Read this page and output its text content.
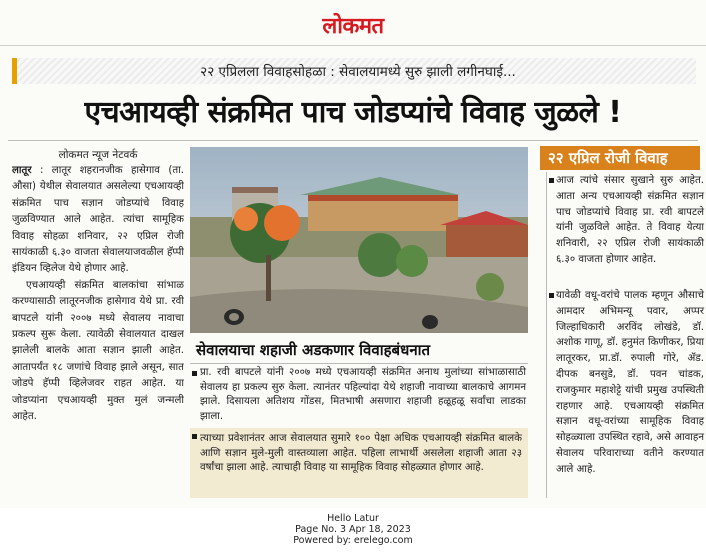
लोकमत
२२ एप्रिलला विवाहसोहळा : सेवालयामध्ये सुरु झाली लगीनघाई...
एचआयव्ही संक्रमित पाच जोडप्यांचे विवाह जुळले !
लोकमत न्यूज नेटवर्क

लातूर : लातूर शहरानजीक हासेगाव (ता. औसा) येथील सेवालयात असलेल्या एचआयव्ही संक्रमित पाच सज्ञान जोडप्यांचे विवाह जुळविण्यात आले आहेत. त्यांचा सामूहिक विवाह सोहळा शनिवार, २२ एप्रिल रोजी सायंकाळी ६.३० वाजता सेवालयाजवळील हॅप्पी इंडियन व्हिलेज येथे होणार आहे.

एचआयव्ही संक्रमित बालकांचा सांभाळ करण्यासाठी लातूरनजीक हासेगाव येथे प्रा. रवी बापटले यांनी २००७ मध्ये सेवालय नावाचा प्रकल्प सुरू केला. त्यावेळी सेवालयात दाखल झालेली बालके आता सज्ञान झाली आहेत. आतापर्यंत १८ जणांचे विवाह झाले असून, सात जोडपे हॅप्पी व्हिलेजवर राहत आहेत. या जोडप्यांना एचआयव्ही मुक्त मुलं जन्मली आहेत.

सेवालयाचा शहाजी अडकणार विवाहबंधनात
प्रा. रवी बापटले यांनी २००७ मध्ये एचआयव्ही संक्रमित अनाथ मुलांच्या सांभाळासाठी सेवालय हा प्रकल्प सुरु केला. त्यानंतर पहिल्यांदा येथे शहाजी नावाच्या बालकाचे आगमन झाले. दिसायला अतिशय गोंडस, मितभाषी असणारा शहाजी हळूहळू सर्वांचा लाडका झाला.
त्याच्या प्रवेशानंतर आज सेवालयात सुमारे १०० पेक्षा अधिक एचआयव्ही संक्रमित बालके आणि सज्ञान मुले-मुली वास्तव्याला आहेत. पहिला लाभार्थी असलेला शहाजी आता २३ वर्षांचा झाला आहे. त्याचाही विवाह या सामूहिक विवाह सोहळ्यात होणार आहे.
२२ एप्रिल रोजी विवाह
आज त्यांचे संसार सुखाने सुरु आहेत. आता अन्य एचआयव्ही संक्रमित सज्ञान पाच जोडप्यांचे विवाह प्रा. रवी बापटले यांनी जुळविले आहेत. ते विवाह येत्या शनिवारी, २२ एप्रिल रोजी सायंकाळी ६.३० वाजता होणार आहेत.
यावेळी वधू-वरांचे पालक म्हणून औसाचे आमदार अभिमन्यू पवार, अप्पर जिल्हाधिकारी अरविंद लोखंडे, डॉ. अशोक गाणू, डॉ. हनुमंत किणीकर, प्रिया लातूरकर, प्रा.डॉ. रुपाली गोरे, ॲड. दीपक बनसुडे, डॉ. पवन चांडक, राजकुमार महाशेट्टे यांची प्रमुख उपस्थिती राहणार आहे. एचआयव्ही संक्रमित सज्ञान वधू-वरांच्या सामूहिक विवाह सोहळ्याला उपस्थित रहावे, असे आवाहन सेवालय परिवाराच्या वतीने करण्यात आले आहे.
Hello Latur
Page No. 3 Apr 18, 2023
Powered by: erelego.com
